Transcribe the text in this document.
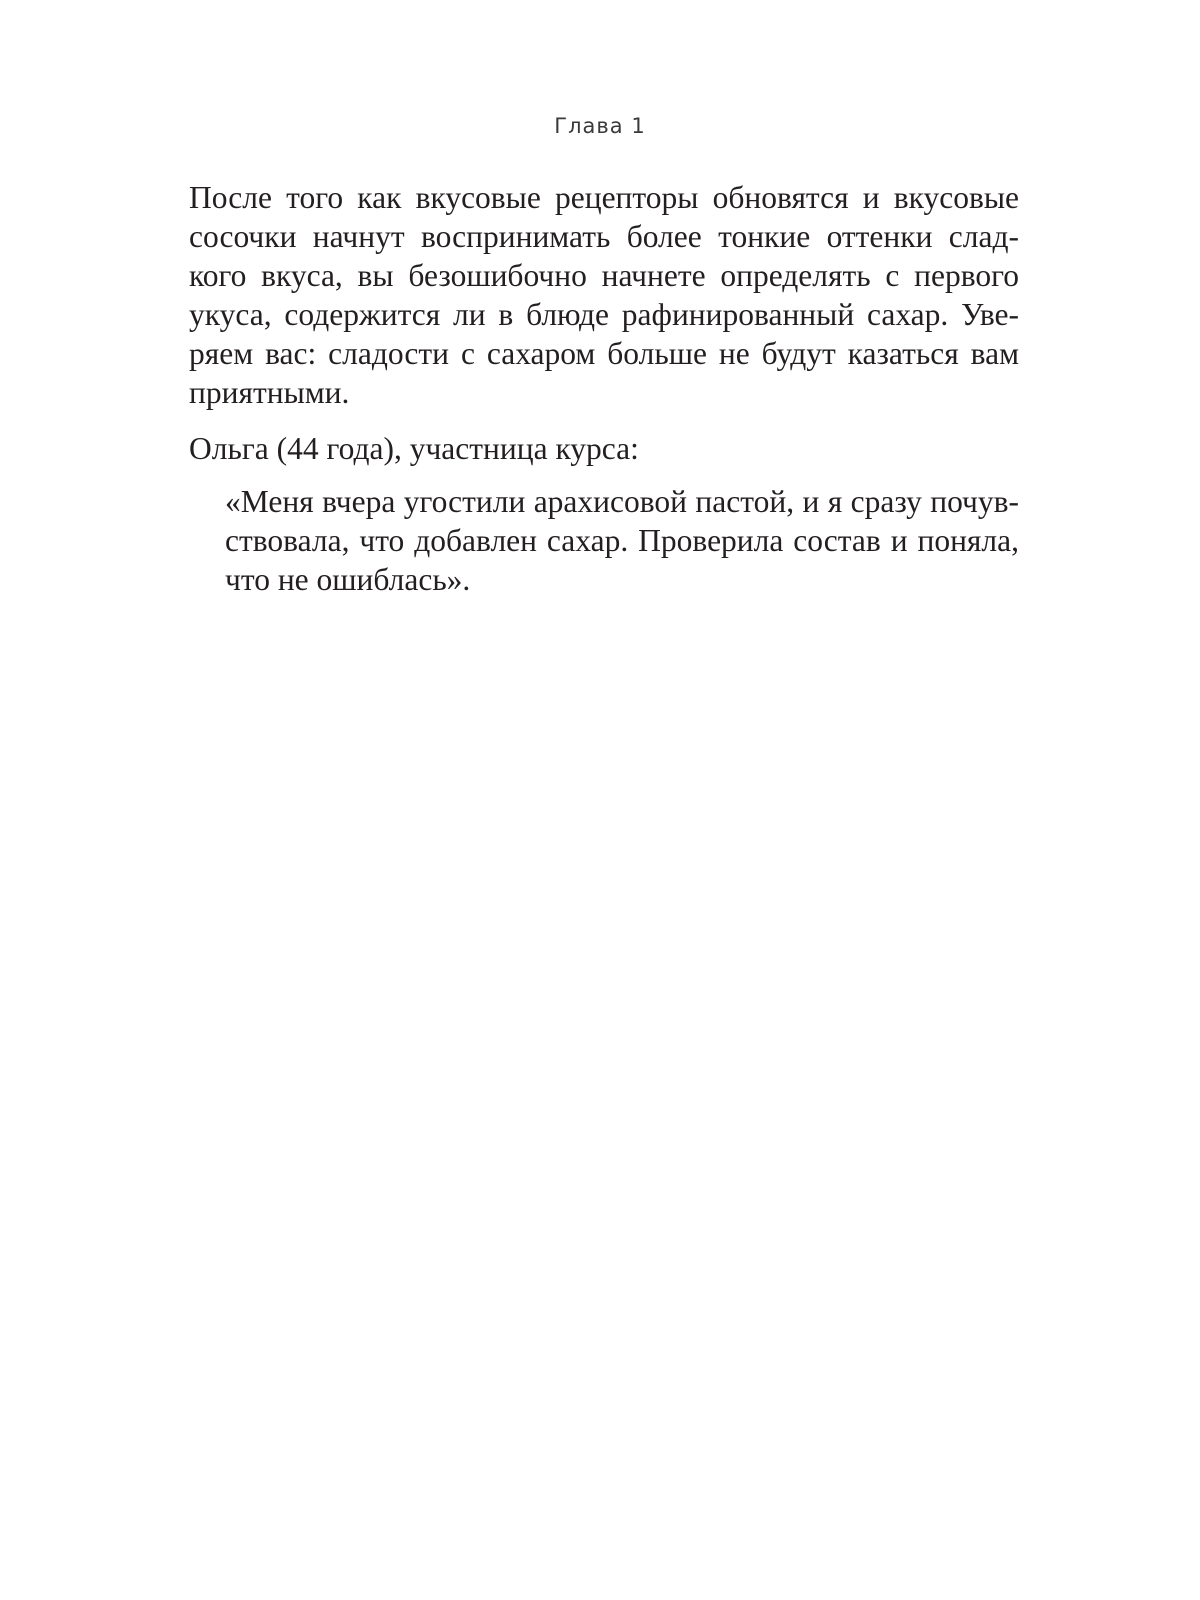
Глава 1

После того как вкусовые рецепторы обновятся и вкусовые
сосочки начнут воспринимать более тонкие оттенки слад-
кого вкуса, вы безошибочно начнете определять с первого
укуса, содержится ли в блюде рафинированный сахар. Уве-
ряем вас: сладости с сахаром больше не будут казаться вам
приятными.

Ольга (44 года), участница курса:

«Меня вчера угостили арахисовой пастой, и я сразу почув-
ствовала, что добавлен сахар. Проверила состав и поняла,
что не ошиблась».
